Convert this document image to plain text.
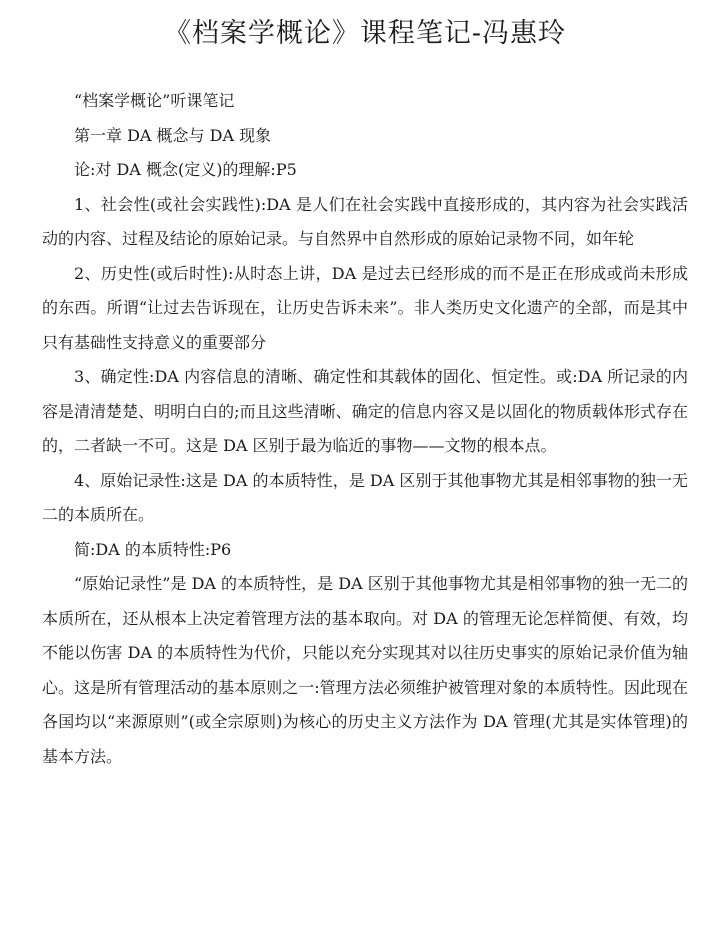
《档案学概论》课程笔记-冯惠玲

“档案学概论”听课笔记

第一章 DA 概念与 DA 现象

论:对 DA 概念(定义)的理解:P5

1、社会性(或社会实践性):DA 是人们在社会实践中直接形成的，其内容为社会实践活动的内容、过程及结论的原始记录。与自然界中自然形成的原始记录物不同，如年轮

2、历史性(或后时性):从时态上讲，DA 是过去已经形成的而不是正在形成或尚未形成的东西。所谓“让过去告诉现在，让历史告诉未来”。非人类历史文化遗产的全部，而是其中只有基础性支持意义的重要部分

3、确定性:DA 内容信息的清晰、确定性和其载体的固化、恒定性。或:DA 所记录的内容是清清楚楚、明明白白的;而且这些清晰、确定的信息内容又是以固化的物质载体形式存在的，二者缺一不可。这是 DA 区别于最为临近的事物——文物的根本点。

4、原始记录性:这是 DA 的本质特性，是 DA 区别于其他事物尤其是相邻事物的独一无二的本质所在。

简:DA 的本质特性:P6

“原始记录性”是 DA 的本质特性，是 DA 区别于其他事物尤其是相邻事物的独一无二的本质所在，还从根本上决定着管理方法的基本取向。对 DA 的管理无论怎样简便、有效，均不能以伤害 DA 的本质特性为代价，只能以充分实现其对以往历史事实的原始记录价值为轴心。这是所有管理活动的基本原则之一:管理方法必须维护被管理对象的本质特性。因此现在各国均以“来源原则”(或全宗原则)为核心的历史主义方法作为 DA 管理(尤其是实体管理)的基本方法。
